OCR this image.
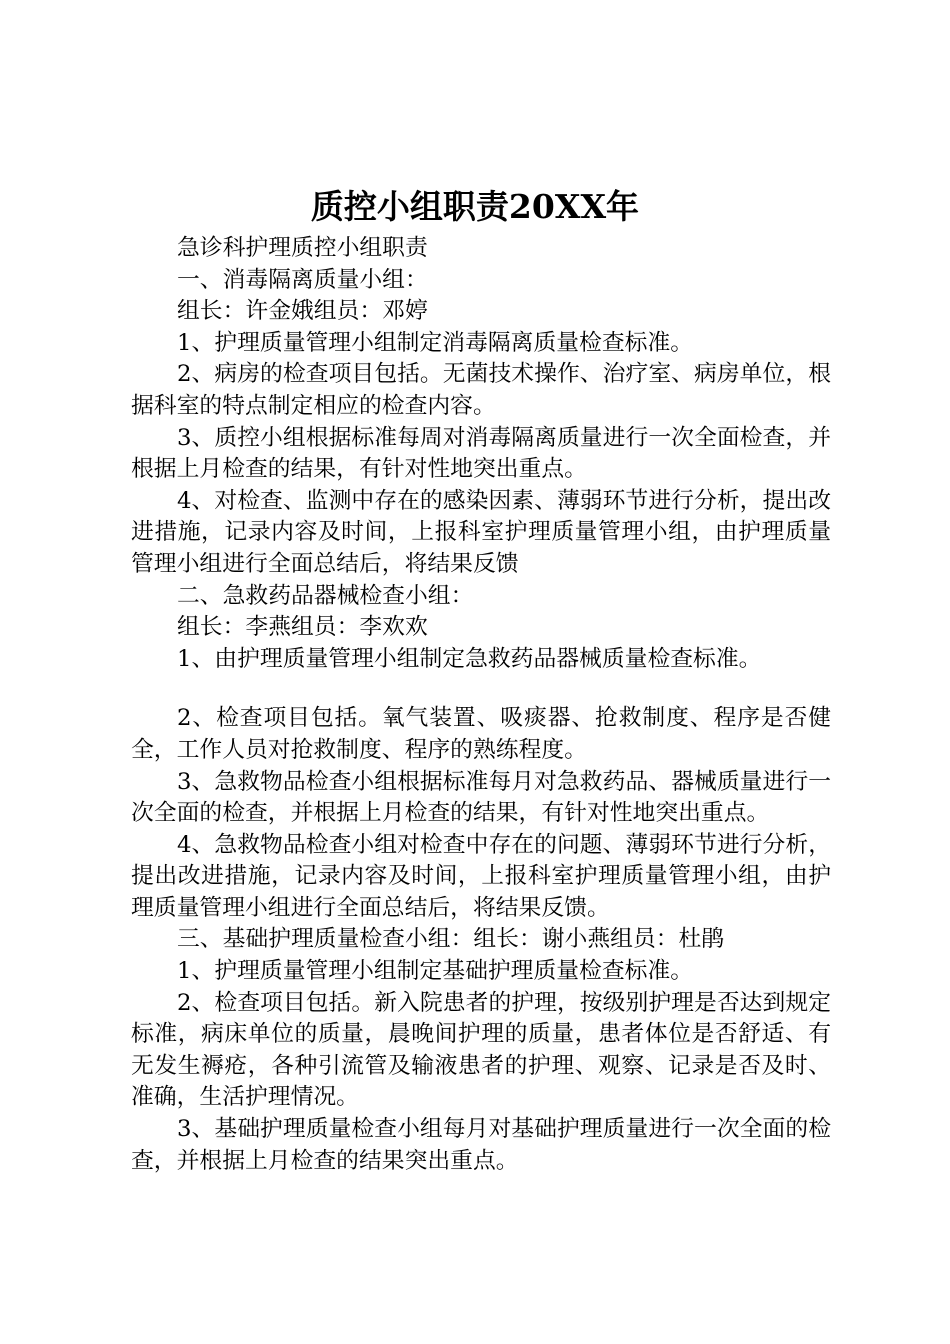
质控小组职责20XX年

急诊科护理质控小组职责

一、消毒隔离质量小组：

组长：许金娥组员：邓婷

1、护理质量管理小组制定消毒隔离质量检查标准。

2、病房的检查项目包括。无菌技术操作、治疗室、病房单位，根据科室的特点制定相应的检查内容。

3、质控小组根据标准每周对消毒隔离质量进行一次全面检查，并根据上月检查的结果，有针对性地突出重点。

4、对检查、监测中存在的感染因素、薄弱环节进行分析，提出改进措施，记录内容及时间，上报科室护理质量管理小组，由护理质量管理小组进行全面总结后，将结果反馈

二、急救药品器械检查小组：

组长：李燕组员：李欢欢

1、由护理质量管理小组制定急救药品器械质量检查标准。

2、检查项目包括。氧气装置、吸痰器、抢救制度、程序是否健全，工作人员对抢救制度、程序的熟练程度。

3、急救物品检查小组根据标准每月对急救药品、器械质量进行一次全面的检查，并根据上月检查的结果，有针对性地突出重点。

4、急救物品检查小组对检查中存在的问题、薄弱环节进行分析，提出改进措施，记录内容及时间，上报科室护理质量管理小组，由护理质量管理小组进行全面总结后，将结果反馈。

三、基础护理质量检查小组：组长：谢小燕组员：杜鹃

1、护理质量管理小组制定基础护理质量检查标准。

2、检查项目包括。新入院患者的护理，按级别护理是否达到规定标准，病床单位的质量，晨晚间护理的质量，患者体位是否舒适、有无发生褥疮，各种引流管及输液患者的护理、观察、记录是否及时、准确，生活护理情况。

3、基础护理质量检查小组每月对基础护理质量进行一次全面的检查，并根据上月检查的结果突出重点。
